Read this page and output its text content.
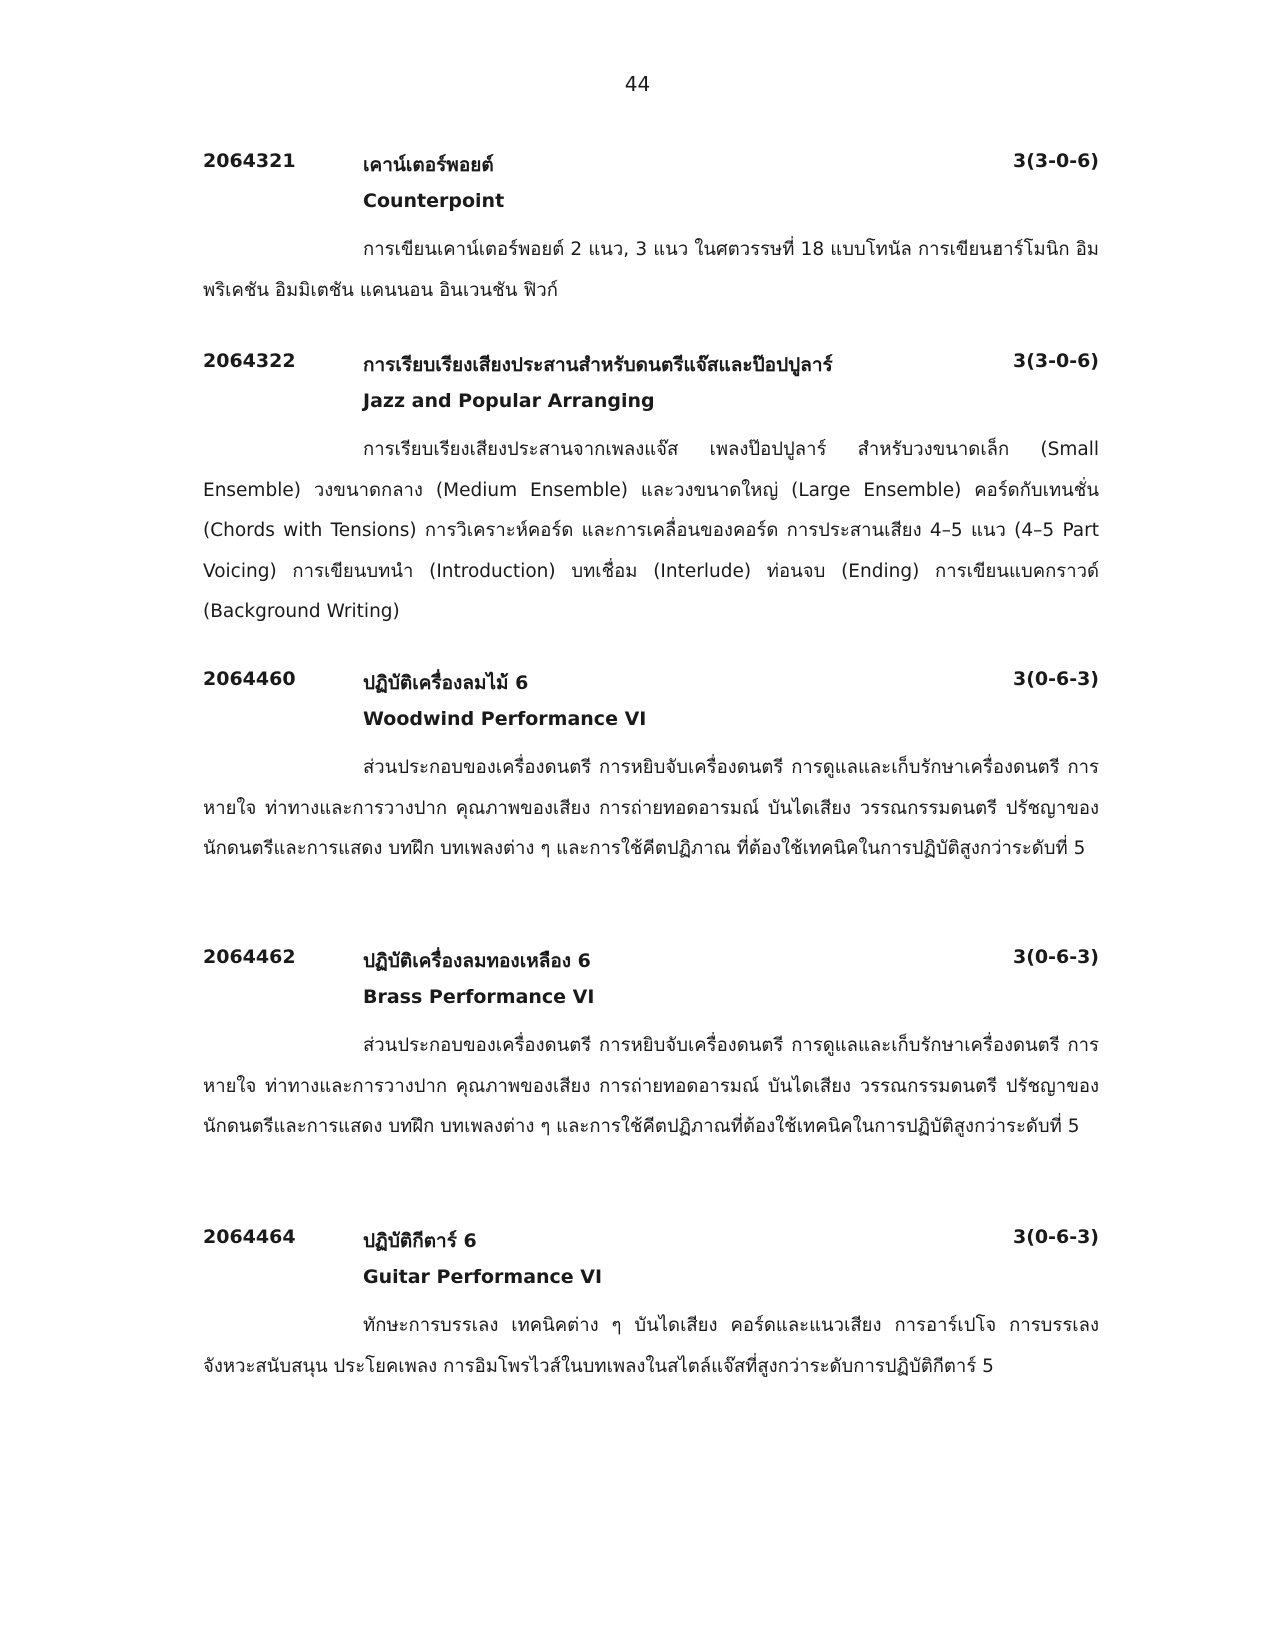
44
2064321	เคาน์เตอร์พอยต์	3(3-0-6)
Counterpoint

การเขียนเคาน์เตอร์พอยต์ 2 แนว, 3 แนว ในศตวรรษที่ 18 แบบโทนัล การเขียนฮาร์โมนิก อิมพริเคชัน อิมมิเตชัน แคนนอน อินเวนชัน ฟิวก์

2064322	การเรียบเรียงเสียงประสานสำหรับดนตรีแจ๊สและป๊อปปูลาร์	3(3-0-6)
Jazz and Popular Arranging

การเรียบเรียงเสียงประสานจากเพลงแจ๊ส เพลงป๊อปปูลาร์ สำหรับวงขนาดเล็ก (Small Ensemble) วงขนาดกลาง (Medium Ensemble) และวงขนาดใหญ่ (Large Ensemble) คอร์ดกับเทนชั่น (Chords with Tensions) การวิเคราะห์คอร์ด และการเคลื่อนของคอร์ด การประสานเสียง 4–5 แนว (4–5 Part Voicing) การเขียนบทนำ (Introduction) บทเชื่อม (Interlude) ท่อนจบ (Ending) การเขียนแบคกราวด์ (Background Writing)

2064460	ปฏิบัติเครื่องลมไม้ 6	3(0-6-3)
Woodwind Performance VI

ส่วนประกอบของเครื่องดนตรี การหยิบจับเครื่องดนตรี การดูแลและเก็บรักษาเครื่องดนตรี การหายใจ ท่าทางและการวางปาก คุณภาพของเสียง การถ่ายทอดอารมณ์ บันไดเสียง วรรณกรรมดนตรี ปรัชญาของนักดนตรีและการแสดง บทฝึก บทเพลงต่าง ๆ และการใช้คีตปฏิภาณ ที่ต้องใช้เทคนิคในการปฏิบัติสูงกว่าระดับที่ 5

2064462	ปฏิบัติเครื่องลมทองเหลือง 6	3(0-6-3)
Brass Performance VI

ส่วนประกอบของเครื่องดนตรี การหยิบจับเครื่องดนตรี การดูแลและเก็บรักษาเครื่องดนตรี การหายใจ ท่าทางและการวางปาก คุณภาพของเสียง การถ่ายทอดอารมณ์ บันไดเสียง วรรณกรรมดนตรี ปรัชญาของนักดนตรีและการแสดง บทฝึก บทเพลงต่าง ๆ และการใช้คีตปฏิภาณที่ต้องใช้เทคนิคในการปฏิบัติสูงกว่าระดับที่ 5

2064464	ปฏิบัติกีตาร์ 6	3(0-6-3)
Guitar Performance VI

ทักษะการบรรเลง เทคนิคต่าง ๆ บันไดเสียง คอร์ดและแนวเสียง การอาร์เปโจ การบรรเลงจังหวะสนับสนุน ประโยคเพลง การอิมโพรไวส์ในบทเพลงในสไตล์แจ๊สที่สูงกว่าระดับการปฏิบัติกีตาร์ 5
